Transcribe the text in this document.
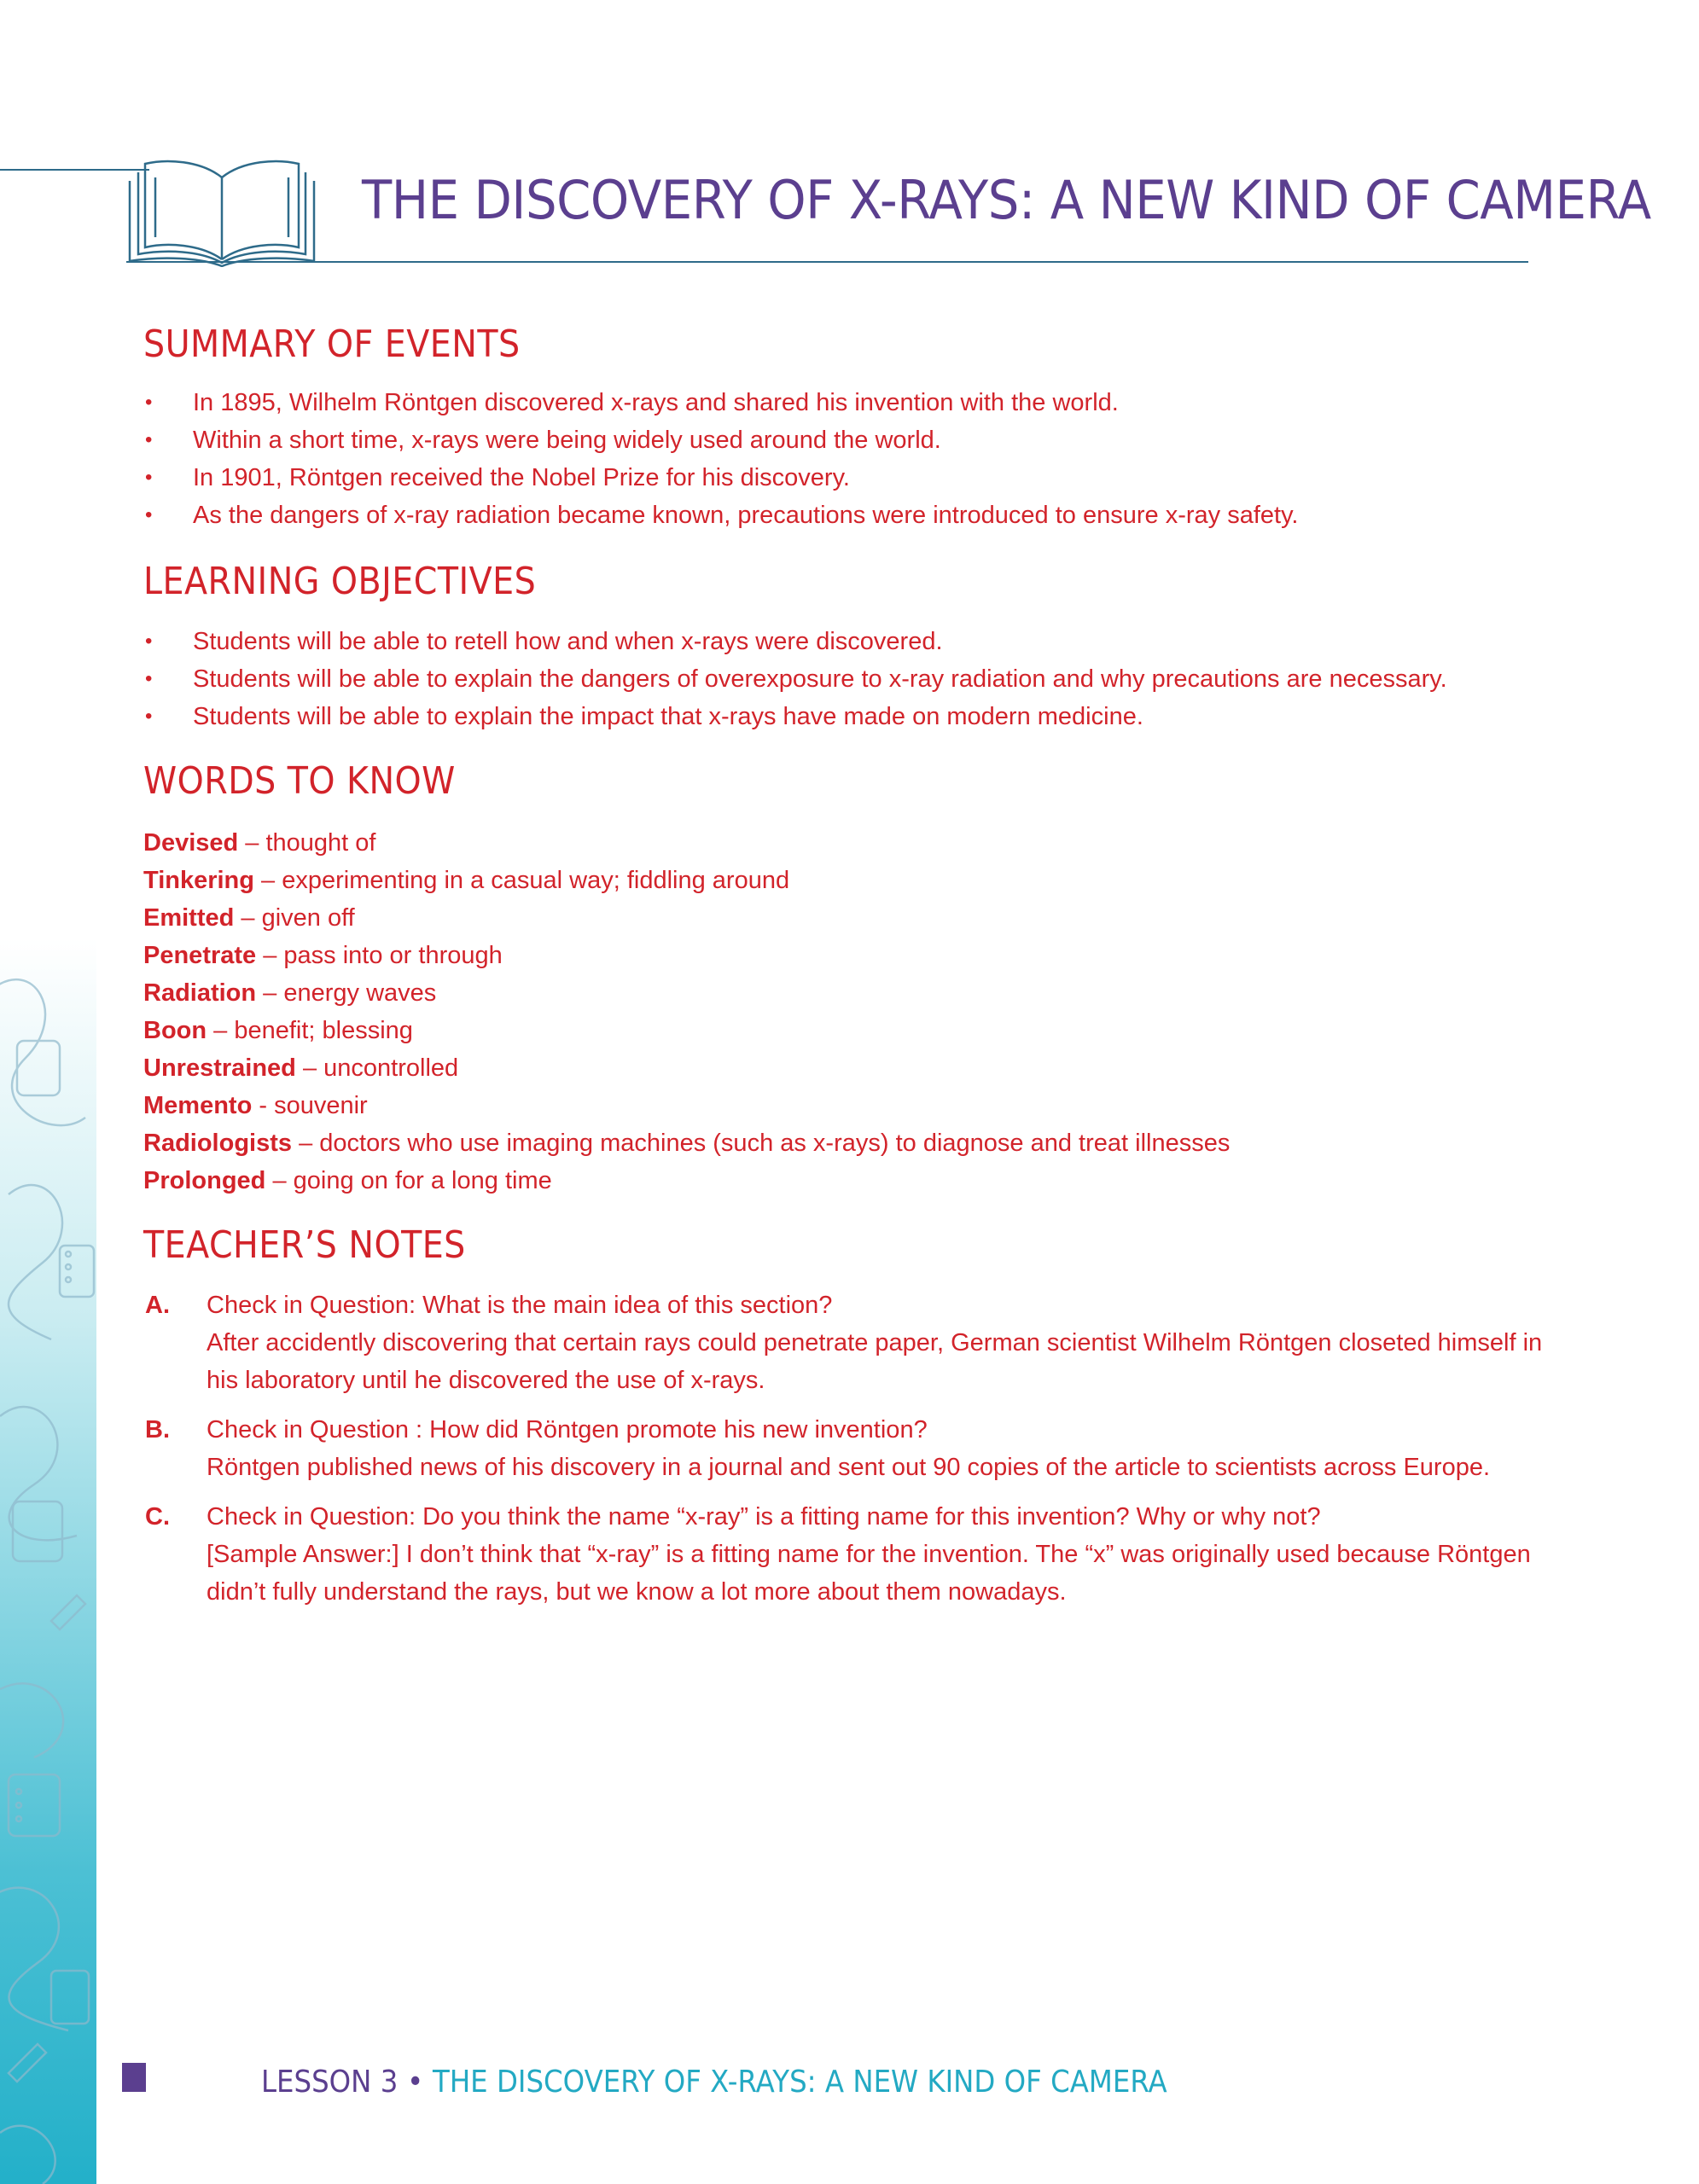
THE DISCOVERY OF X-RAYS: A NEW KIND OF CAMERA
SUMMARY OF EVENTS
• In 1895, Wilhelm Röntgen discovered x-rays and shared his invention with the world.
• Within a short time, x-rays were being widely used around the world.
• In 1901, Röntgen received the Nobel Prize for his discovery.
• As the dangers of x-ray radiation became known, precautions were introduced to ensure x-ray safety.
LEARNING OBJECTIVES
• Students will be able to retell how and when x-rays were discovered.
• Students will be able to explain the dangers of overexposure to x-ray radiation and why precautions are necessary.
• Students will be able to explain the impact that x-rays have made on modern medicine.
WORDS TO KNOW
Devised – thought of
Tinkering – experimenting in a casual way; fiddling around
Emitted – given off
Penetrate – pass into or through
Radiation – energy waves
Boon – benefit; blessing
Unrestrained – uncontrolled
Memento - souvenir
Radiologists – doctors who use imaging machines (such as x-rays) to diagnose and treat illnesses
Prolonged – going on for a long time
TEACHER’S NOTES
A. Check in Question: What is the main idea of this section?

After accidently discovering that certain rays could penetrate paper, German scientist Wilhelm Röntgen closeted himself in his laboratory until he discovered the use of x-rays.

B. Check in Question : How did Röntgen promote his new invention?

Röntgen published news of his discovery in a journal and sent out 90 copies of the article to scientists across Europe.

C. Check in Question: Do you think the name “x-ray” is a fitting name for this invention? Why or why not?

[Sample Answer:] I don’t think that “x-ray” is a fitting name for the invention. The “x” was originally used because Röntgen didn’t fully understand the rays, but we know a lot more about them nowadays.

LESSON 3 • THE DISCOVERY OF X-RAYS: A NEW KIND OF CAMERA
